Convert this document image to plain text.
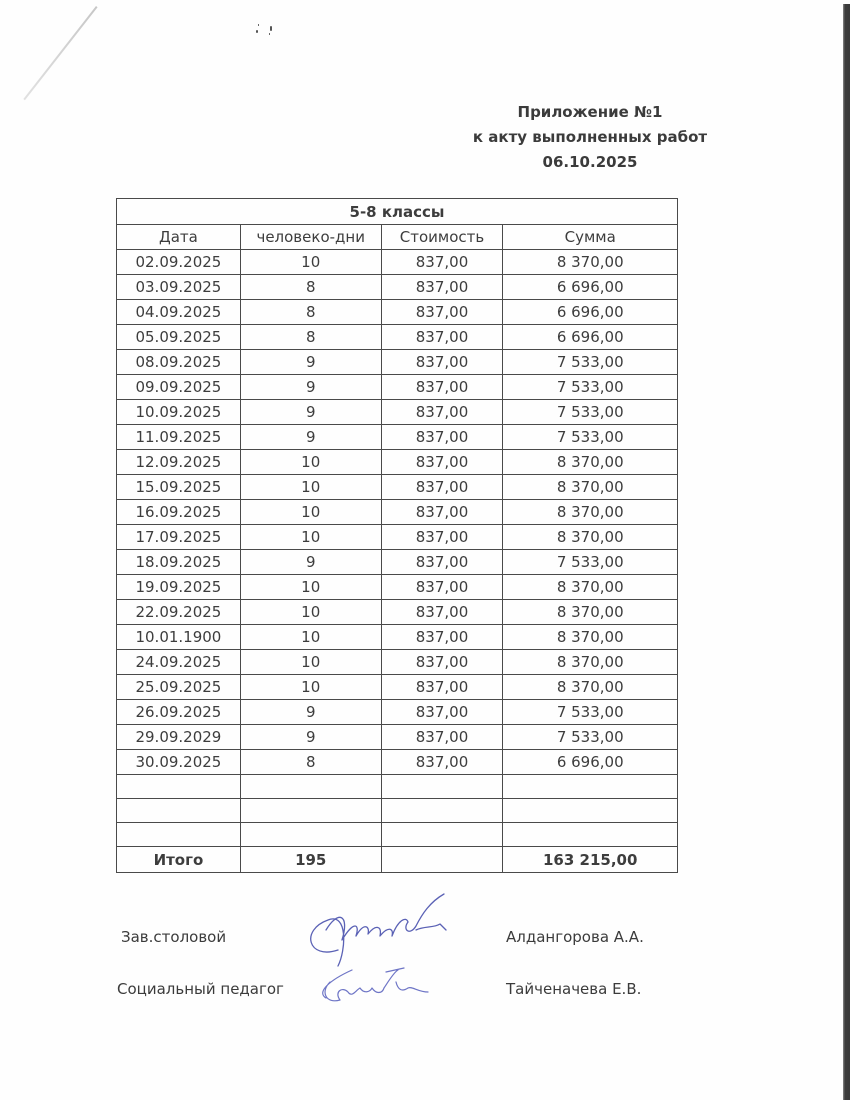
Приложение №1
к акту выполненных работ
06.10.2025
5-8 классы			
Дата	человеко-дни	Стоимость	Сумма
02.09.2025	10	837,00	8 370,00
03.09.2025	8	837,00	6 696,00
04.09.2025	8	837,00	6 696,00
05.09.2025	8	837,00	6 696,00
08.09.2025	9	837,00	7 533,00
09.09.2025	9	837,00	7 533,00
10.09.2025	9	837,00	7 533,00
11.09.2025	9	837,00	7 533,00
12.09.2025	10	837,00	8 370,00
15.09.2025	10	837,00	8 370,00
16.09.2025	10	837,00	8 370,00
17.09.2025	10	837,00	8 370,00
18.09.2025	9	837,00	7 533,00
19.09.2025	10	837,00	8 370,00
22.09.2025	10	837,00	8 370,00
10.01.1900	10	837,00	8 370,00
24.09.2025	10	837,00	8 370,00
25.09.2025	10	837,00	8 370,00
26.09.2025	9	837,00	7 533,00
29.09.2029	9	837,00	7 533,00
30.09.2025	8	837,00	6 696,00

Итого	195		163 215,00
Зав.столовой	Алдангорова А.А.
Социальный педагог	Тайченачева Е.В.
